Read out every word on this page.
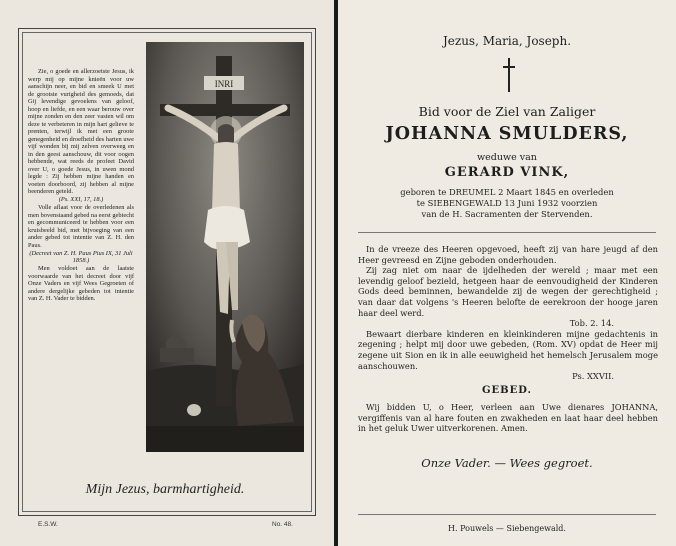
Zie, o goede en allerzoetste Jesus, ik werp mij op mijne knieën voor uw aanschijn neer, en bid en smeek U met de grootste vurigheid des gemoeds, dat Gij levendige gevoelens van geloof, hoop en liefde, en een waar berouw over mijne zonden en den zeer vasten wil om deze te verbeteren in mijn hart gelieve te prenten, terwijl ik met een groote genegenheid en droefheid des harten uwe vijf wonden bij mij zelven overweeg en in den geest aanschouw, dit voor oogen hebbende, wat reeds de profeet David over U, o goede Jesus, in uwen mond legde : Zij hebben mijne handen en voeten doorboord, zij hebben al mijne beenderen geteld.

(Ps. XXI, 17, 18.)

Volle aflaat voor de overledenen als men bovenstaand gebed na eerst gebiecht en gecommuniceerd te hebben voor een kruisbeeld bid, met bijvoeging van een ander gebed tot intentie van Z. H. den Paus.

(Decreet van Z. H. Paus Pius IX, 31 Juli 1858.)

Men voldoet aan de laatste voorwaarde van het decreet door vijf Onze Vaders en vijf Wees Gegroeten of andere dergelijke gebeden tot intentie van Z. H. Vader te bidden.

INRI
Mijn Jezus, barmhartigheid.
E.S.W.	No. 48.
Jezus, Maria, Joseph.
Bid voor de Ziel van Zaliger
JOHANNA SMULDERS,
weduwe van
GERARD VINK,
geboren te DREUMEL 2 Maart 1845 en overleden
te SIEBENGEWALD 13 Juni 1932 voorzien
van de H. Sacramenten der Stervenden.

In de vreeze des Heeren opgevoed, heeft zij van hare jeugd af den Heer gevreesd en Zijne geboden onderhouden.

Zij zag niet om naar de ijdelheden der wereld ; maar met een levendig geloof bezield, hetgeen haar de eenvoudigheid der Kinderen Gods deed beminnen, bewandelde zij de wegen der gerechtigheid ; van daar dat volgens 's Heeren belofte de eerekroon der hooge jaren haar deel werd.

Tob. 2. 14.

Bewaart dierbare kinderen en kleinkinderen mijne gedachtenis in zegening ; helpt mij door uwe gebeden, (Rom. XV) opdat de Heer mij zegene uit Sion en ik in alle eeuwigheid het hemelsch Jerusalem moge aanschouwen.

Ps. XXVII.

GEBED.

Wij bidden U, o Heer, verleen aan Uwe dienares JOHANNA, vergiffenis van al hare fouten en zwakheden en laat haar deel hebben in het geluk Uwer uitverkorenen. Amen.

Onze Vader. — Wees gegroet.
H. Pouwels — Siebengewald.
